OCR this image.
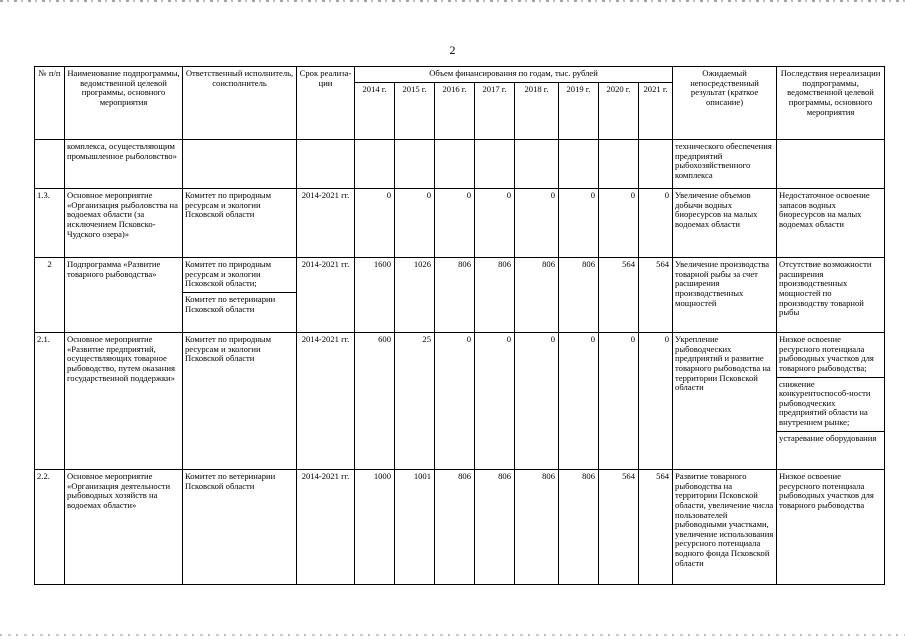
2
№ п/п	Наименование подпрограммы, ведомственной целевой программы, основного мероприятия	Ответственный исполнитель, соисполнитель	Срок реализа-ции	Объем финансирования по годам, тыс. рублей								Ожидаемый непосредственный результат (краткое описание)	Последствия нереализации подпрограммы, ведомственной целевой программы, основного мероприятия
				2014 г.	2015 г.	2016 г.	2017 г.	2018 г.	2019 г.	2020 г.	2021 г.		
	комплекса, осуществляющим промышленное рыболовство»											технического обеспечения предприятий рыбохозяйственного комплекса	
1.3.	Основное мероприятие «Организация рыболовства на водоемах области (за исключением Псковско-Чудского озера)»	Комитет по природным ресурсам и экологии Псковской области	2014-2021 гг.	0	0	0	0	0	0	0	0	Увеличение объемов добычи водных биоресурсов на малых водоемах области	Недостаточное освоение запасов водных биоресурсов на малых водоемах области
2	Подпрограмма «Развитие товарного рыбоводства»	Комитет по природным ресурсам и экологии Псковской области;
Комитет по ветеринарии Псковской области	2014-2021 гг.	1600	1026	806	806	806	806	564	564	Увеличение производства товарной рыбы за счет расширения производственных мощностей	Отсутствие возможности расширения производственных мощностей по производству товарной рыбы
2.1.	Основное мероприятие «Развитие предприятий, осуществляющих товарное рыбоводство, путем оказания государственной поддержки»	Комитет по природным ресурсам и экологии Псковской области	2014-2021 гг.	600	25	0	0	0	0	0	0	Укрепление рыбоводческих предприятий и развитие товарного рыбоводства на территории Псковской области	Низкое освоение ресурсного потенциала рыбоводных участков для товарного рыбоводства;
снижение конкурентоспособ-ности рыбоводческих предприятий области на внутреннем рынке;
устаревание оборудования

2.2.	Основное мероприятие «Организация деятельности рыбоводных хозяйств на водоемах области»	Комитет по ветеринарии Псковской области	2014-2021 гг.	1000	1001	806	806	806	806	564	564	Развитие товарного рыбоводства на территории Псковской области, увеличение числа пользователей рыбоводными участками, увеличение использования ресурсного потенциала водного фонда Псковской области	Низкое освоение ресурсного потенциала рыбоводных участков для товарного рыбоводства
